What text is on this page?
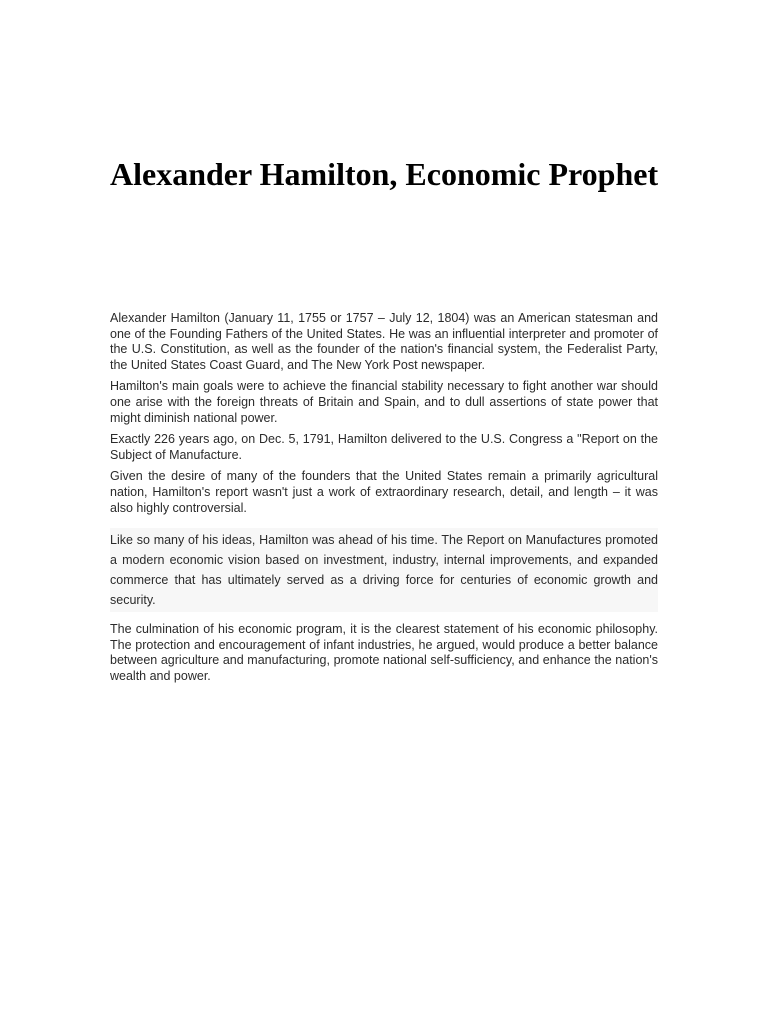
Alexander Hamilton, Economic Prophet

Alexander Hamilton (January 11, 1755 or 1757 – July 12, 1804) was an American statesman and one of the Founding Fathers of the United States. He was an influential interpreter and promoter of the U.S. Constitution, as well as the founder of the nation's financial system, the Federalist Party, the United States Coast Guard, and The New York Post newspaper.

Hamilton's main goals were to achieve the financial stability necessary to fight another war should one arise with the foreign threats of Britain and Spain, and to dull assertions of state power that might diminish national power.

Exactly 226 years ago, on Dec. 5, 1791, Hamilton delivered to the U.S. Congress a "Report on the Subject of Manufacture.

Given the desire of many of the founders that the United States remain a primarily agricultural nation, Hamilton's report wasn't just a work of extraordinary research, detail, and length – it was also highly controversial.

Like so many of his ideas, Hamilton was ahead of his time. The Report on Manufactures promoted a modern economic vision based on investment, industry, internal improvements, and expanded commerce that has ultimately served as a driving force for centuries of economic growth and security.

The culmination of his economic program, it is the clearest statement of his economic philosophy. The protection and encouragement of infant industries, he argued, would produce a better balance between agriculture and manufacturing, promote national self-sufficiency, and enhance the nation's wealth and power.
